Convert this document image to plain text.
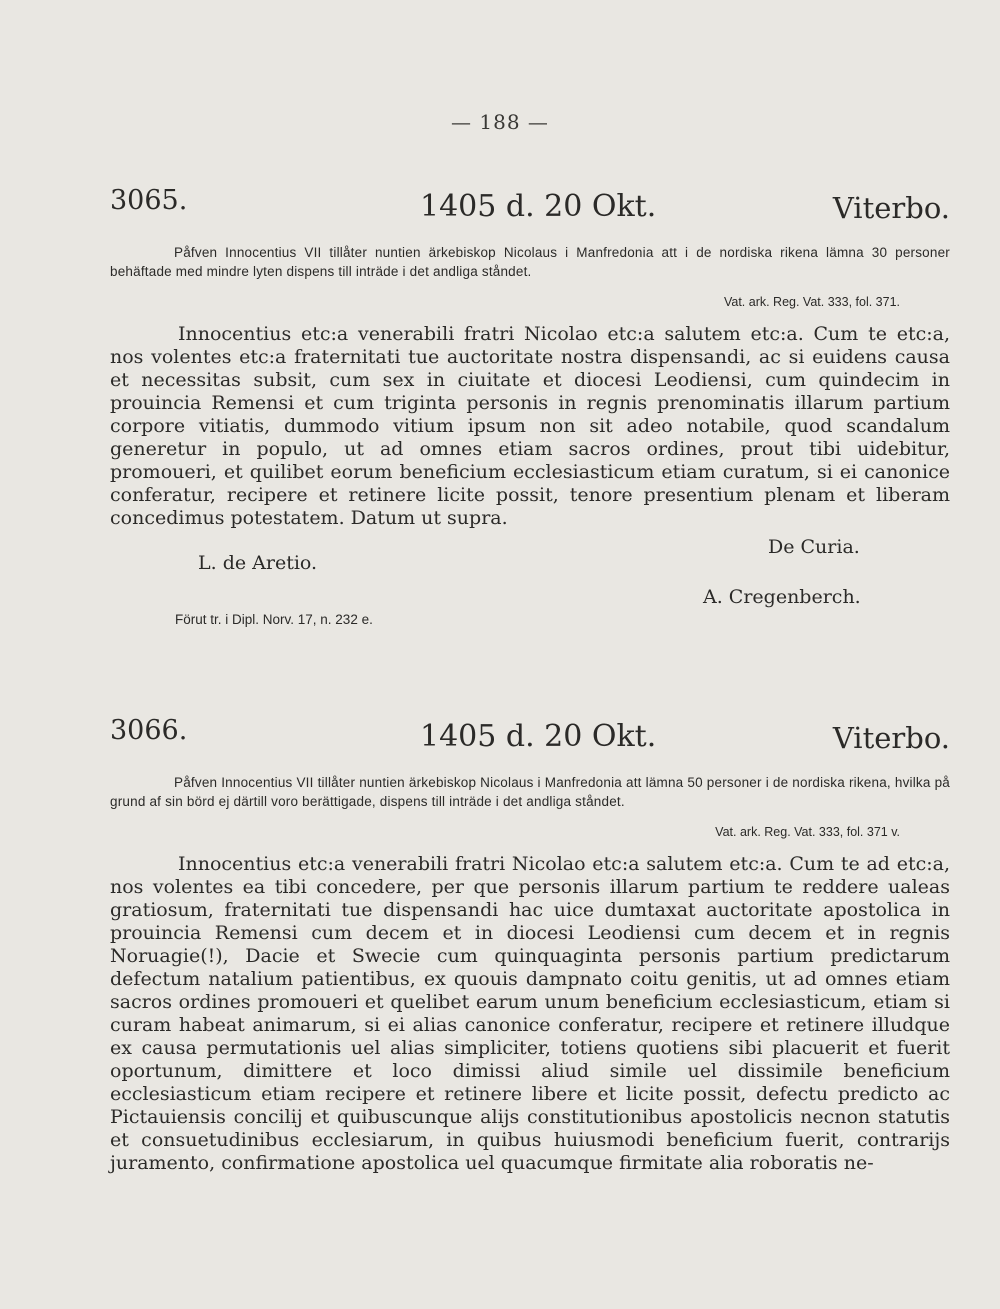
— 188 —
3065.	1405 d. 20 Okt.	Viterbo.

Påfven Innocentius VII tillåter nuntien ärkebiskop Nicolaus i Manfredonia att i de nordiska rikena lämna 30 personer behäftade med mindre lyten dispens till inträde i det andliga ståndet.

Vat. ark. Reg. Vat. 333, fol. 371.

Innocentius etc:a venerabili fratri Nicolao etc:a salutem etc:a. Cum te etc:a, nos volentes etc:a fraternitati tue auctoritate nostra dispensandi, ac si euidens causa et necessitas subsit, cum sex in ciuitate et diocesi Leodiensi, cum quindecim in prouincia Remensi et cum triginta personis in regnis prenominatis illarum partium corpore vitiatis, dummodo vitium ipsum non sit adeo notabile, quod scandalum generetur in populo, ut ad omnes etiam sacros ordines, prout tibi uidebitur, promoueri, et quilibet eorum beneficium ecclesiasticum etiam curatum, si ei canonice conferatur, recipere et retinere licite possit, tenore presentium plenam et liberam concedimus potestatem. Datum ut supra.

L. de Aretio.
De Curia.
A. Cregenberch.
Förut tr. i Dipl. Norv. 17, n. 232 e.
3066.	1405 d. 20 Okt.	Viterbo.

Påfven Innocentius VII tillåter nuntien ärkebiskop Nicolaus i Manfredonia att lämna 50 personer i de nordiska rikena, hvilka på grund af sin börd ej därtill voro berättigade, dispens till inträde i det andliga ståndet.

Vat. ark. Reg. Vat. 333, fol. 371 v.

Innocentius etc:a venerabili fratri Nicolao etc:a salutem etc:a. Cum te ad etc:a, nos volentes ea tibi concedere, per que personis illarum partium te reddere ualeas gratiosum, fraternitati tue dispensandi hac uice dumtaxat auctoritate apostolica in prouincia Remensi cum decem et in diocesi Leodiensi cum decem et in regnis Noruagie(!), Dacie et Swecie cum quinquaginta personis partium predictarum defectum natalium patientibus, ex quouis dampnato coitu genitis, ut ad omnes etiam sacros ordines promoueri et quelibet earum unum beneficium ecclesiasticum, etiam si curam habeat animarum, si ei alias canonice conferatur, recipere et retinere illudque ex causa permutationis uel alias simpliciter, totiens quotiens sibi placuerit et fuerit oportunum, dimittere et loco dimissi aliud simile uel dissimile beneficium ecclesiasticum etiam recipere et retinere libere et licite possit, defectu predicto ac Pictauiensis concilij et quibuscunque alijs constitutionibus apostolicis necnon statutis et consuetudinibus ecclesiarum, in quibus huiusmodi beneficium fuerit, contrarijs juramento, confirmatione apostolica uel quacumque firmitate alia roboratis ne-
